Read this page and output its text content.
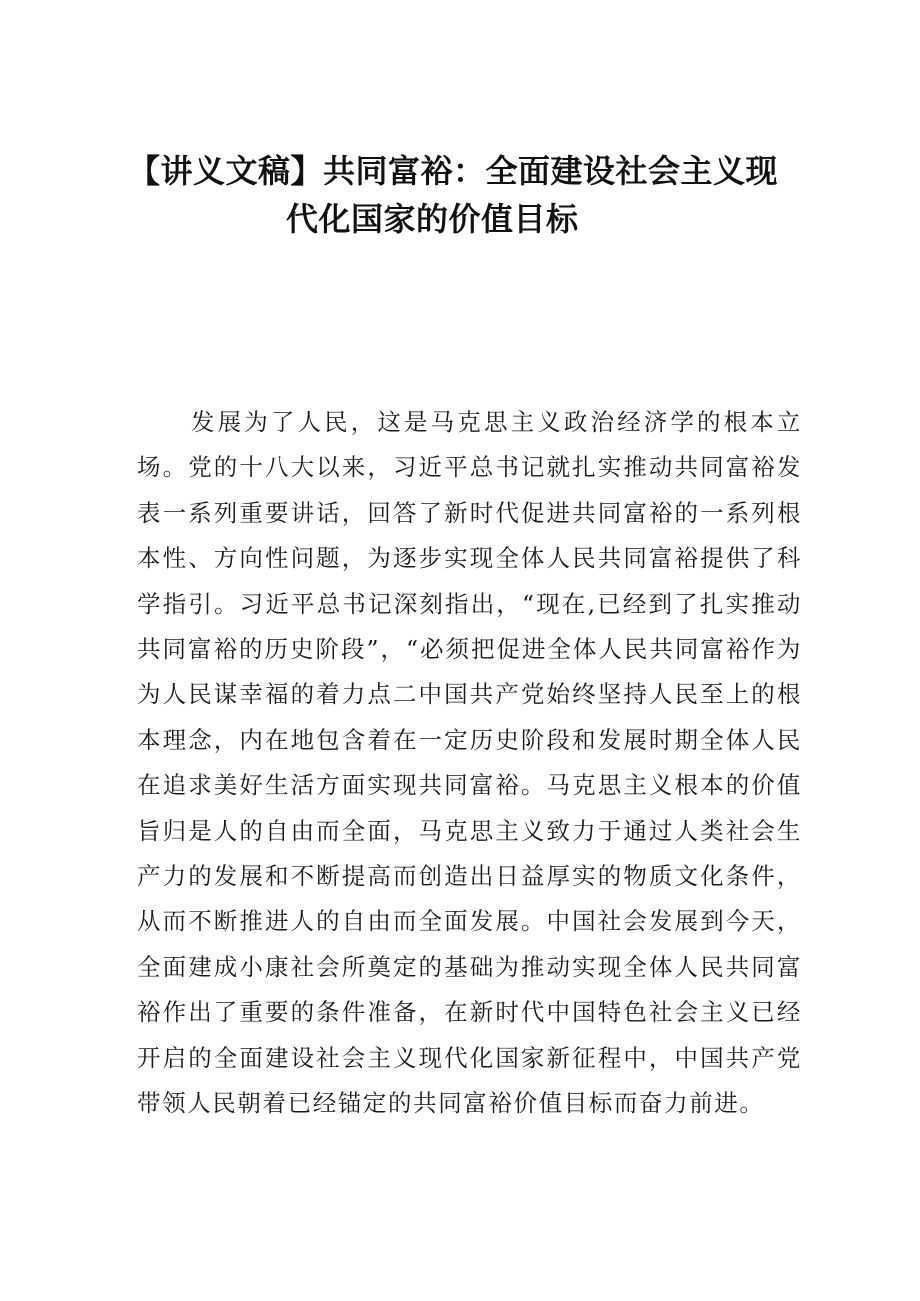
【讲义文稿】共同富裕：全面建设社会主义现
代化国家的价值目标

发展为了人民，这是马克思主义政治经济学的根本立场。党的十八大以来，习近平总书记就扎实推动共同富裕发表一系列重要讲话，回答了新时代促进共同富裕的一系列根本性、方向性问题，为逐步实现全体人民共同富裕提供了科学指引。习近平总书记深刻指出，“现在,已经到了扎实推动共同富裕的历史阶段”，“必须把促进全体人民共同富裕作为为人民谋幸福的着力点二中国共产党始终坚持人民至上的根本理念，内在地包含着在一定历史阶段和发展时期全体人民在追求美好生活方面实现共同富裕。马克思主义根本的价值旨归是人的自由而全面，马克思主义致力于通过人类社会生产力的发展和不断提高而创造出日益厚实的物质文化条件，从而不断推进人的自由而全面发展。中国社会发展到今天，全面建成小康社会所奠定的基础为推动实现全体人民共同富裕作出了重要的条件准备，在新时代中国特色社会主义已经开启的全面建设社会主义现代化国家新征程中，中国共产党带领人民朝着已经锚定的共同富裕价值目标而奋力前进。
